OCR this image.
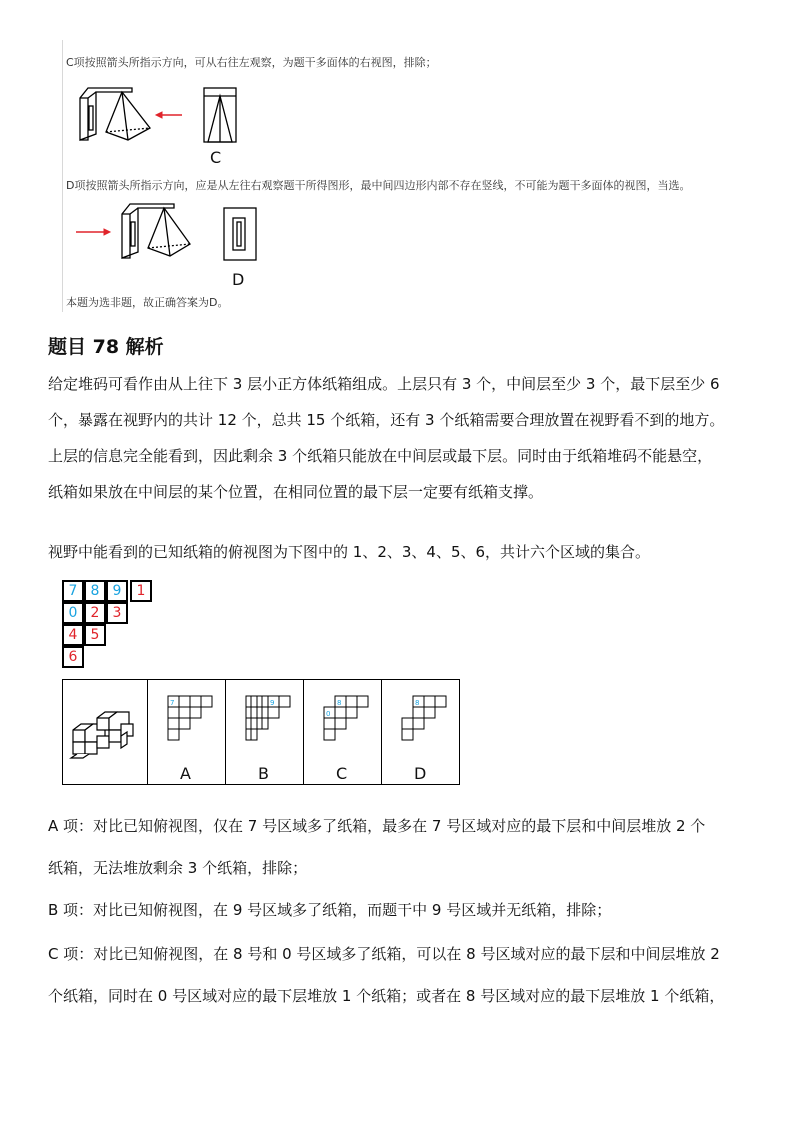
C项按照箭头所指示方向，可从右往左观察，为题干多面体的右视图，排除；
C
D项按照箭头所指示方向，应是从左往右观察题干所得图形，最中间四边形内部不存在竖线，不可能为题干多面体的视图，当选。
D
本题为选非题，故正确答案为D。
题目 78 解析
给定堆码可看作由从上往下 3 层小正方体纸箱组成。上层只有 3 个，中间层至少 3 个，最下层至少 6
个，暴露在视野内的共计 12 个，总共 15 个纸箱，还有 3 个纸箱需要合理放置在视野看不到的地方。
上层的信息完全能看到，因此剩余 3 个纸箱只能放在中间层或最下层。同时由于纸箱堆码不能悬空，
纸箱如果放在中间层的某个位置，在相同位置的最下层一定要有纸箱支撑。
视野中能看到的已知纸箱的俯视图为下图中的 1、2、3、4、5、6，共计六个区域的集合。
7 8 9	1
0 2 3
4 5
6
7	9	8
0
8
A	B	C	D
A 项：对比已知俯视图，仅在 7 号区域多了纸箱，最多在 7 号区域对应的最下层和中间层堆放 2 个
纸箱，无法堆放剩余 3 个纸箱，排除；
B 项：对比已知俯视图，在 9 号区域多了纸箱，而题干中 9 号区域并无纸箱，排除；
C 项：对比已知俯视图，在 8 号和 0 号区域多了纸箱，可以在 8 号区域对应的最下层和中间层堆放 2
个纸箱，同时在 0 号区域对应的最下层堆放 1 个纸箱；或者在 8 号区域对应的最下层堆放 1 个纸箱，
